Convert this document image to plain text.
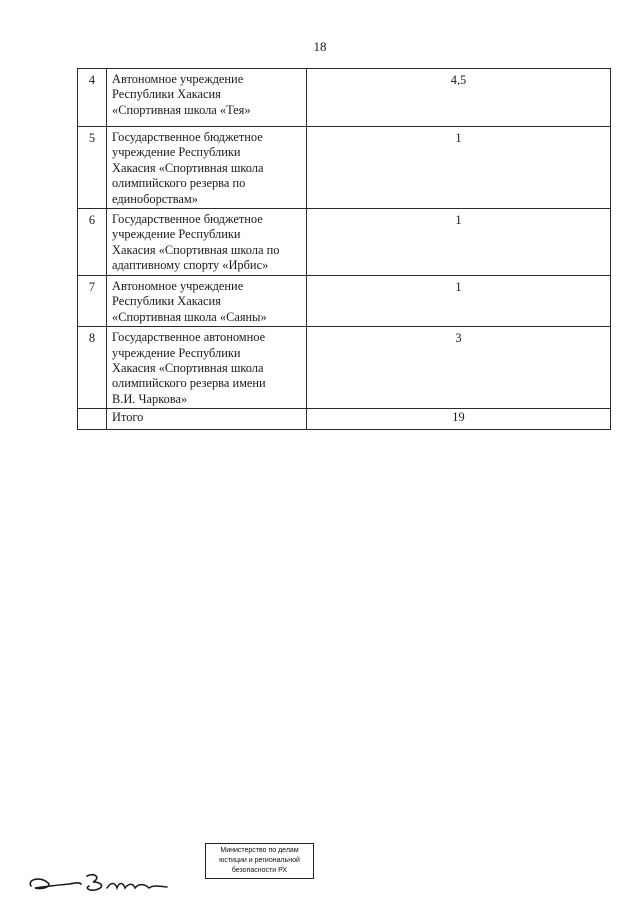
18
4	Автономное учреждение
Республики Хакасия
«Спортивная школа «Тея»	4,5
5	Государственное бюджетное
учреждение Республики
Хакасия «Спортивная школа
олимпийского резерва по
единоборствам»	1
6	Государственное бюджетное
учреждение Республики
Хакасия «Спортивная школа по
адаптивному спорту «Ирбис»	1
7	Автономное учреждение
Республики Хакасия
«Спортивная школа «Саяны»	1
8	Государственное автономное
учреждение Республики
Хакасия «Спортивная школа
олимпийского резерва имени
В.И. Чаркова»	3
	Итого	19
Министерство по делам
юстиции и региональной
безопасности РХ
